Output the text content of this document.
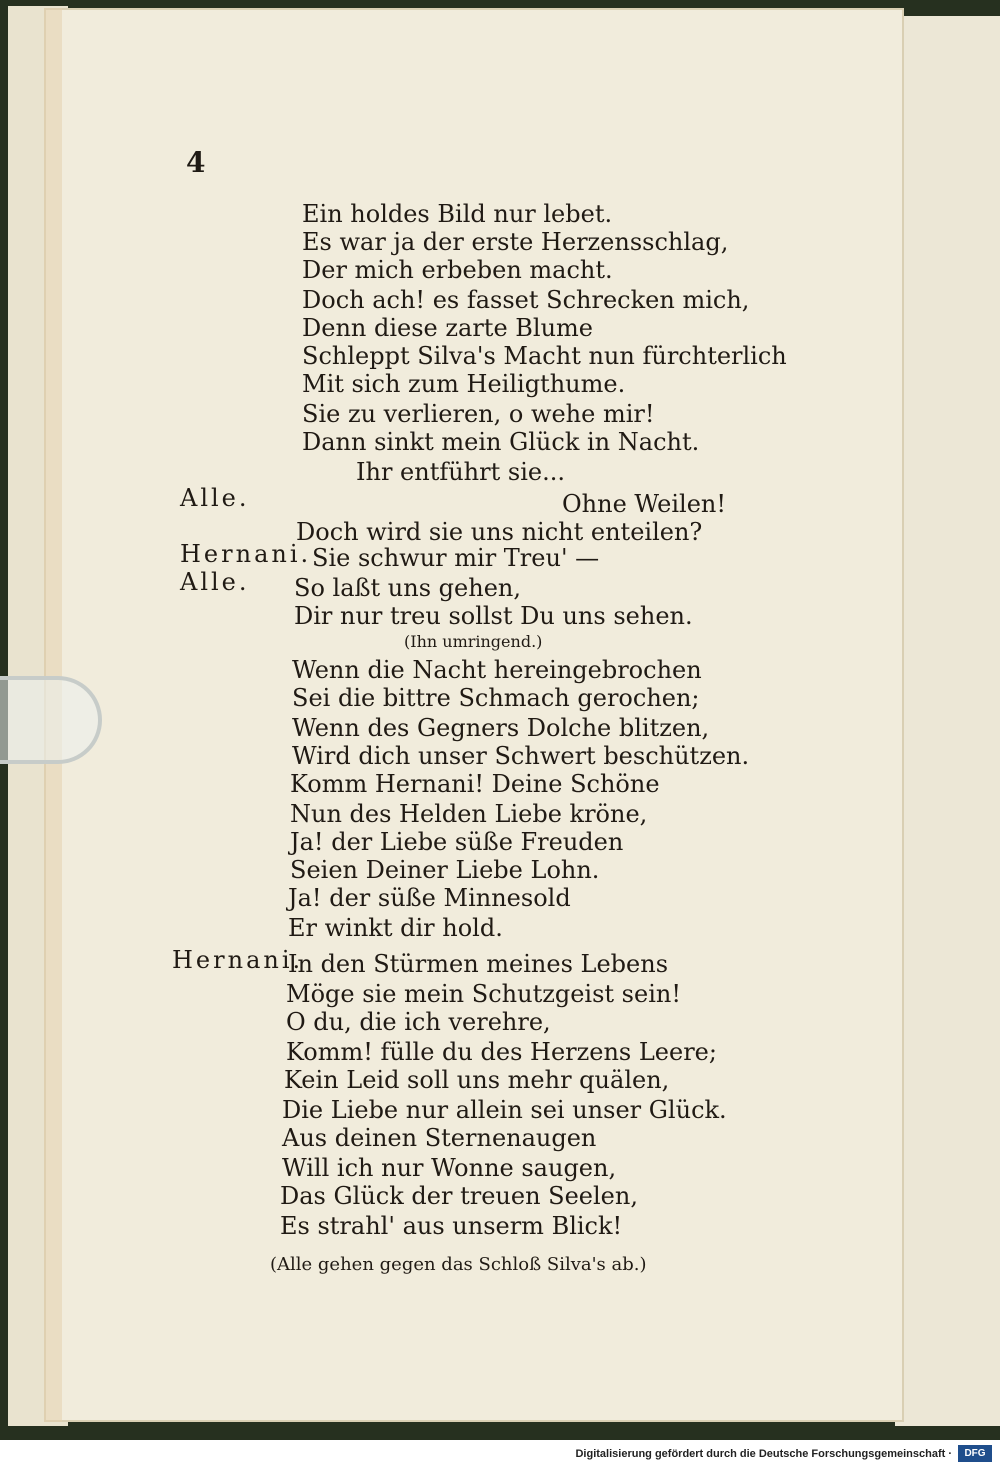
4
Ein holdes Bild nur lebet.
Es war ja der erste Herzensschlag,
Der mich erbeben macht.
Doch ach! es fasset Schrecken mich,
Denn diese zarte Blume
Schleppt Silva's Macht nun fürchterlich
Mit sich zum Heiligthume.
Sie zu verlieren, o wehe mir!
Dann sinkt mein Glück in Nacht.
Ihr entführt sie...
Alle.	Ohne Weilen!
Doch wird sie uns nicht enteilen?
Hernani. Sie schwur mir Treu' —
Alle. So laßt uns gehen,
Dir nur treu sollst Du uns sehen.
(Ihn umringend.)
Wenn die Nacht hereingebrochen
Sei die bittre Schmach gerochen;
Wenn des Gegners Dolche blitzen,
Wird dich unser Schwert beschützen.
Komm Hernani! Deine Schöne
Nun des Helden Liebe kröne,
Ja! der Liebe süße Freuden
Seien Deiner Liebe Lohn.
Ja! der süße Minnesold
Er winkt dir hold.
Hernani.
In den Stürmen meines Lebens
Möge sie mein Schutzgeist sein!
O du, die ich verehre,
Komm! fülle du des Herzens Leere;
Kein Leid soll uns mehr quälen,
Die Liebe nur allein sei unser Glück.
Aus deinen Sternenaugen
Will ich nur Wonne saugen,
Das Glück der treuen Seelen,
Es strahl' aus unserm Blick!
(Alle gehen gegen das Schloß Silva's ab.)
Digitalisierung gefördert durch die Deutsche Forschungsgemeinschaft ·	DFG
